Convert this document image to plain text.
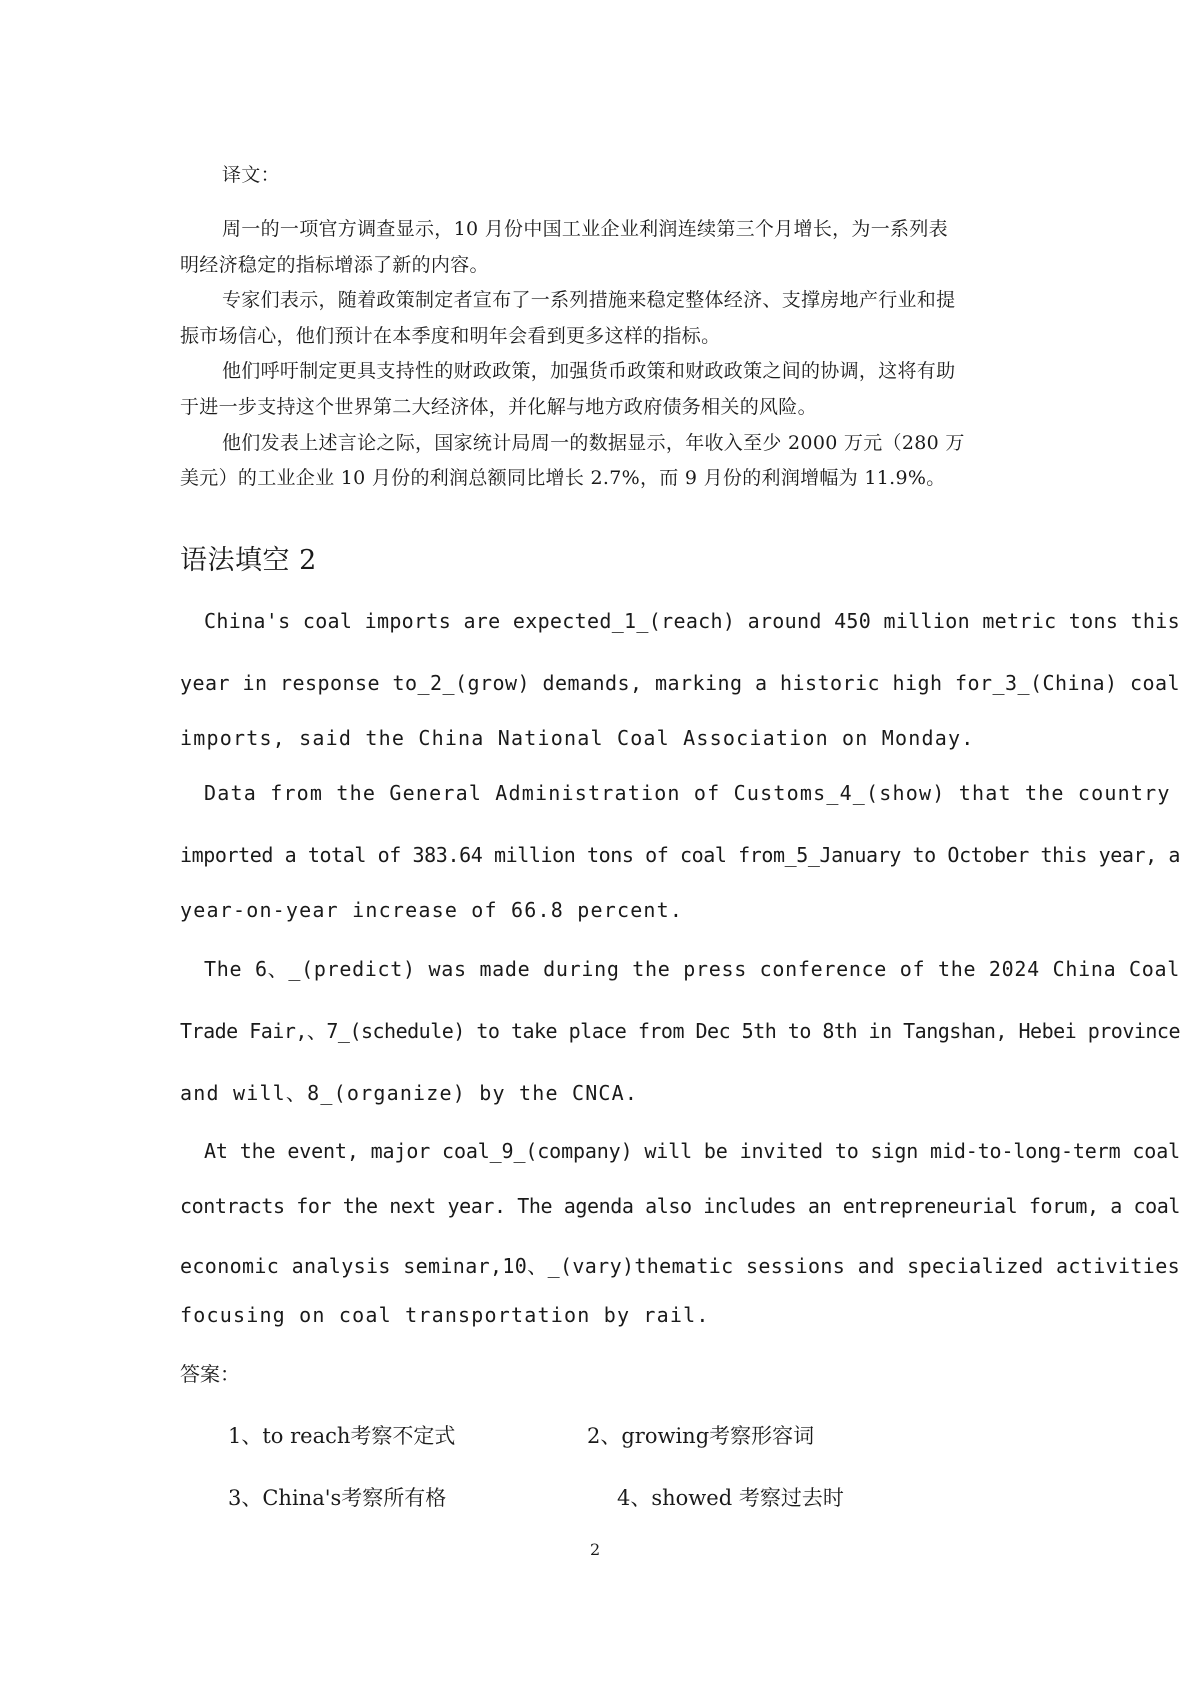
译文：
周一的一项官方调查显示，10 月份中国工业企业利润连续第三个月增长，为一系列表
明经济稳定的指标增添了新的内容。
专家们表示，随着政策制定者宣布了一系列措施来稳定整体经济、支撑房地产行业和提
振市场信心，他们预计在本季度和明年会看到更多这样的指标。
他们呼吁制定更具支持性的财政政策，加强货币政策和财政政策之间的协调，这将有助
于进一步支持这个世界第二大经济体，并化解与地方政府债务相关的风险。
他们发表上述言论之际，国家统计局周一的数据显示，年收入至少 2000 万元（280 万
美元）的工业企业 10 月份的利润总额同比增长 2.7%，而 9 月份的利润增幅为 11.9%。
语法填空 2
China's coal imports are expected_1_(reach) around 450 million metric tons this
year in response to_2_(grow) demands, marking a historic high for_3_(China) coal
imports, said the China National Coal Association on Monday.
Data from the General Administration of Customs_4_(show) that the country
imported a total of 383.64 million tons of coal from_5_January to October this year, a
year-on-year increase of 66.8 percent.
The 6、_(predict) was made during the press conference of the 2024 China Coal
Trade Fair,、7_(schedule) to take place from Dec 5th to 8th in Tangshan, Hebei province
and will、8_(organize) by the CNCA.
At the event, major coal_9_(company) will be invited to sign mid-to-long-term coal
contracts for the next year. The agenda also includes an entrepreneurial forum, a coal
economic analysis seminar,10、_(vary)thematic sessions and specialized activities
focusing on coal transportation by rail.
答案：
1、to reach考察不定式	2、growing考察形容词
3、China's考察所有格	4、showed 考察过去时
2
